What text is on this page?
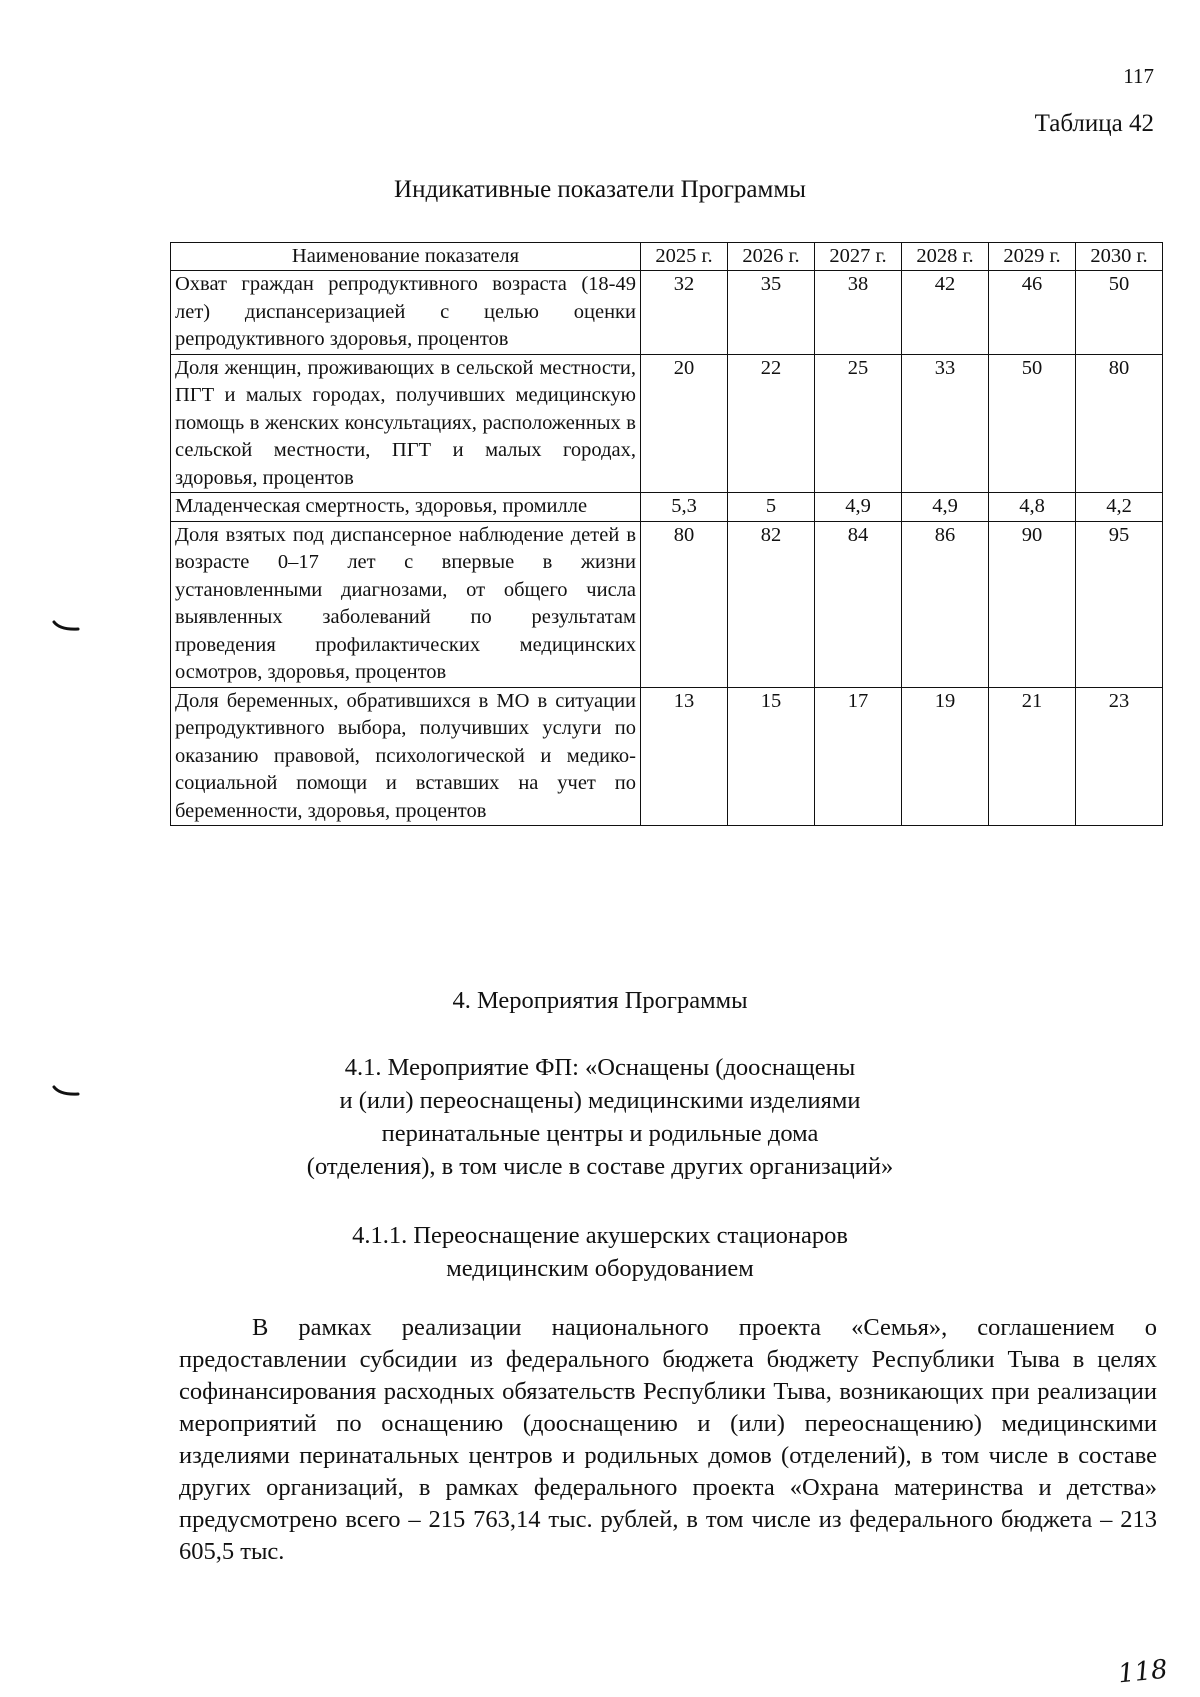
117
Таблица 42
Индикативные показатели Программы
Наименование показателя	2025 г.	2026 г.	2027 г.	2028 г.	2029 г.	2030 г.
Охват граждан репродуктивного возраста (18-49 лет) диспансеризацией с целью оценки репродуктивного здоровья, процентов	32	35	38	42	46	50
Доля женщин, проживающих в сельской местности, ПГТ и малых городах, получивших медицинскую помощь в женских консультациях, расположенных в сельской местности, ПГТ и малых городах, здоровья, процентов	20	22	25	33	50	80
Младенческая смертность, здоровья, промилле	5,3	5	4,9	4,9	4,8	4,2
Доля взятых под диспансерное наблюдение детей в возрасте 0–17 лет с впервые в жизни установленными диагнозами, от общего числа выявленных заболеваний по результатам проведения профилактических медицинских осмотров, здоровья, процентов	80	82	84	86	90	95
Доля беременных, обратившихся в МО в ситуации репродуктивного выбора, получивших услуги по оказанию правовой, психологической и медико-социальной помощи и вставших на учет по беременности, здоровья, процентов	13	15	17	19	21	23
4. Мероприятия Программы
4.1. Мероприятие ФП: «Оснащены (дооснащены
и (или) переоснащены) медицинскими изделиями
перинатальные центры и родильные дома
(отделения), в том числе в составе других организаций»
4.1.1. Переоснащение акушерских стационаров
медицинским оборудованием

В рамках реализации национального проекта «Семья», соглашением о предоставлении субсидии из федерального бюджета бюджету Республики Тыва в целях софинансирования расходных обязательств Республики Тыва, возникающих при реализации мероприятий по оснащению (дооснащению и (или) переоснащению) медицинскими изделиями перинатальных центров и родильных домов (отделений), в том числе в составе других организаций, в рамках федерального проекта «Охрана материнства и детства» предусмотрено всего – 215 763,14 тыс. рублей, в том числе из федерального бюджета – 213 605,5 тыс.

118
